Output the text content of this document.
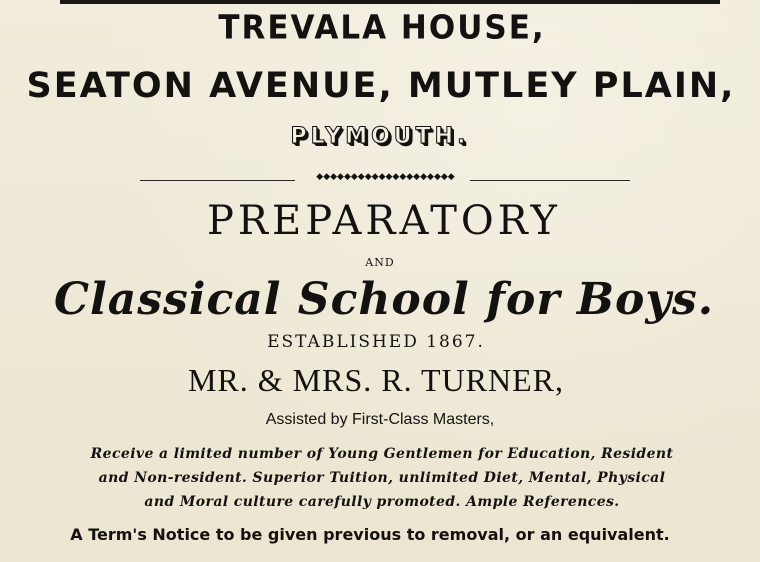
TREVALA HOUSE,
SEATON AVENUE, MUTLEY PLAIN,
PLYMOUTH.
◆◆◆◆◆◆◆◆◆◆◆◆◆◆◆◆◆◆◆◆
PREPARATORY
AND
Classical School for Boys.
ESTABLISHED 1867.
MR. & MRS. R. TURNER,
Assisted by First-Class Masters,
Receive a limited number of Young Gentlemen for Education, Resident
and Non-resident. Superior Tuition, unlimited Diet, Mental, Physical
and Moral culture carefully promoted. Ample References.
A Term's Notice to be given previous to removal, or an equivalent.
